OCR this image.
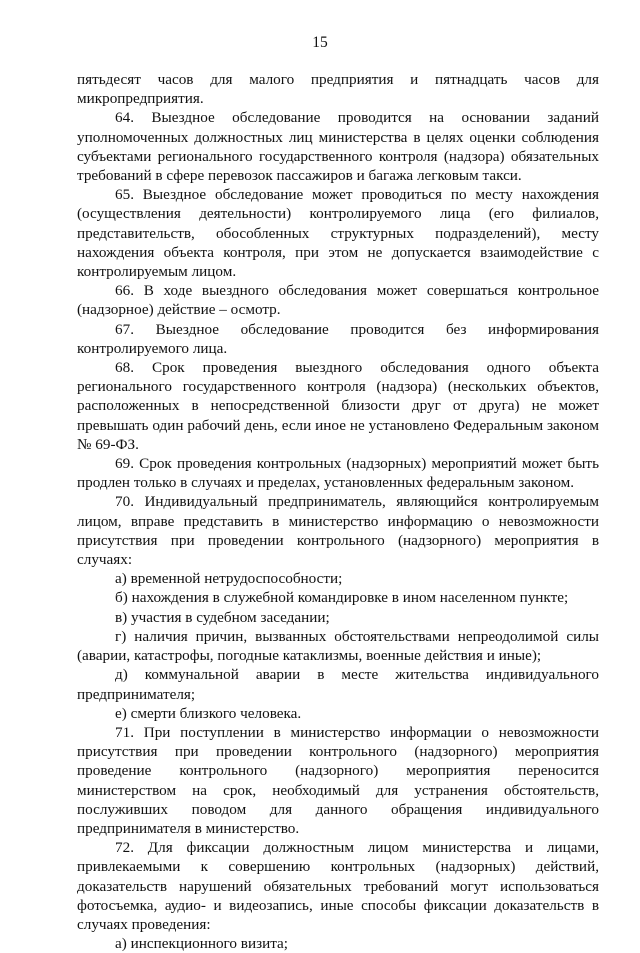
15

пятьдесят часов для малого предприятия и пятнадцать часов для микропредприятия.

64. Выездное обследование проводится на основании заданий уполномоченных должностных лиц министерства в целях оценки соблюдения субъектами регионального государственного контроля (надзора) обязательных требований в сфере перевозок пассажиров и багажа легковым такси.

65. Выездное обследование может проводиться по месту нахождения (осуществления деятельности) контролируемого лица (его филиалов, представительств, обособленных структурных подразделений), месту нахождения объекта контроля, при этом не допускается взаимодействие с контролируемым лицом.

66. В ходе выездного обследования может совершаться контрольное (надзорное) действие – осмотр.

67. Выездное обследование проводится без информирования контролируемого лица.

68. Срок проведения выездного обследования одного объекта регионального государственного контроля (надзора) (нескольких объектов, расположенных в непосредственной близости друг от друга) не может превышать один рабочий день, если иное не установлено Федеральным законом № 69-ФЗ.

69. Срок проведения контрольных (надзорных) мероприятий может быть продлен только в случаях и пределах, установленных федеральным законом.

70. Индивидуальный предприниматель, являющийся контролируемым лицом, вправе представить в министерство информацию о невозможности присутствия при проведении контрольного (надзорного) мероприятия в случаях:

а) временной нетрудоспособности;

б) нахождения в служебной командировке в ином населенном пункте;

в) участия в судебном заседании;

г) наличия причин, вызванных обстоятельствами непреодолимой силы (аварии, катастрофы, погодные катаклизмы, военные действия и иные);

д) коммунальной аварии в месте жительства индивидуального предпринимателя;

е) смерти близкого человека.

71. При поступлении в министерство информации о невозможности присутствия при проведении контрольного (надзорного) мероприятия проведение контрольного (надзорного) мероприятия переносится министерством на срок, необходимый для устранения обстоятельств, послуживших поводом для данного обращения индивидуального предпринимателя в министерство.

72. Для фиксации должностным лицом министерства и лицами, привлекаемыми к совершению контрольных (надзорных) действий, доказательств нарушений обязательных требований могут использоваться фотосъемка, аудио- и видеозапись, иные способы фиксации доказательств в случаях проведения:

а) инспекционного визита;
